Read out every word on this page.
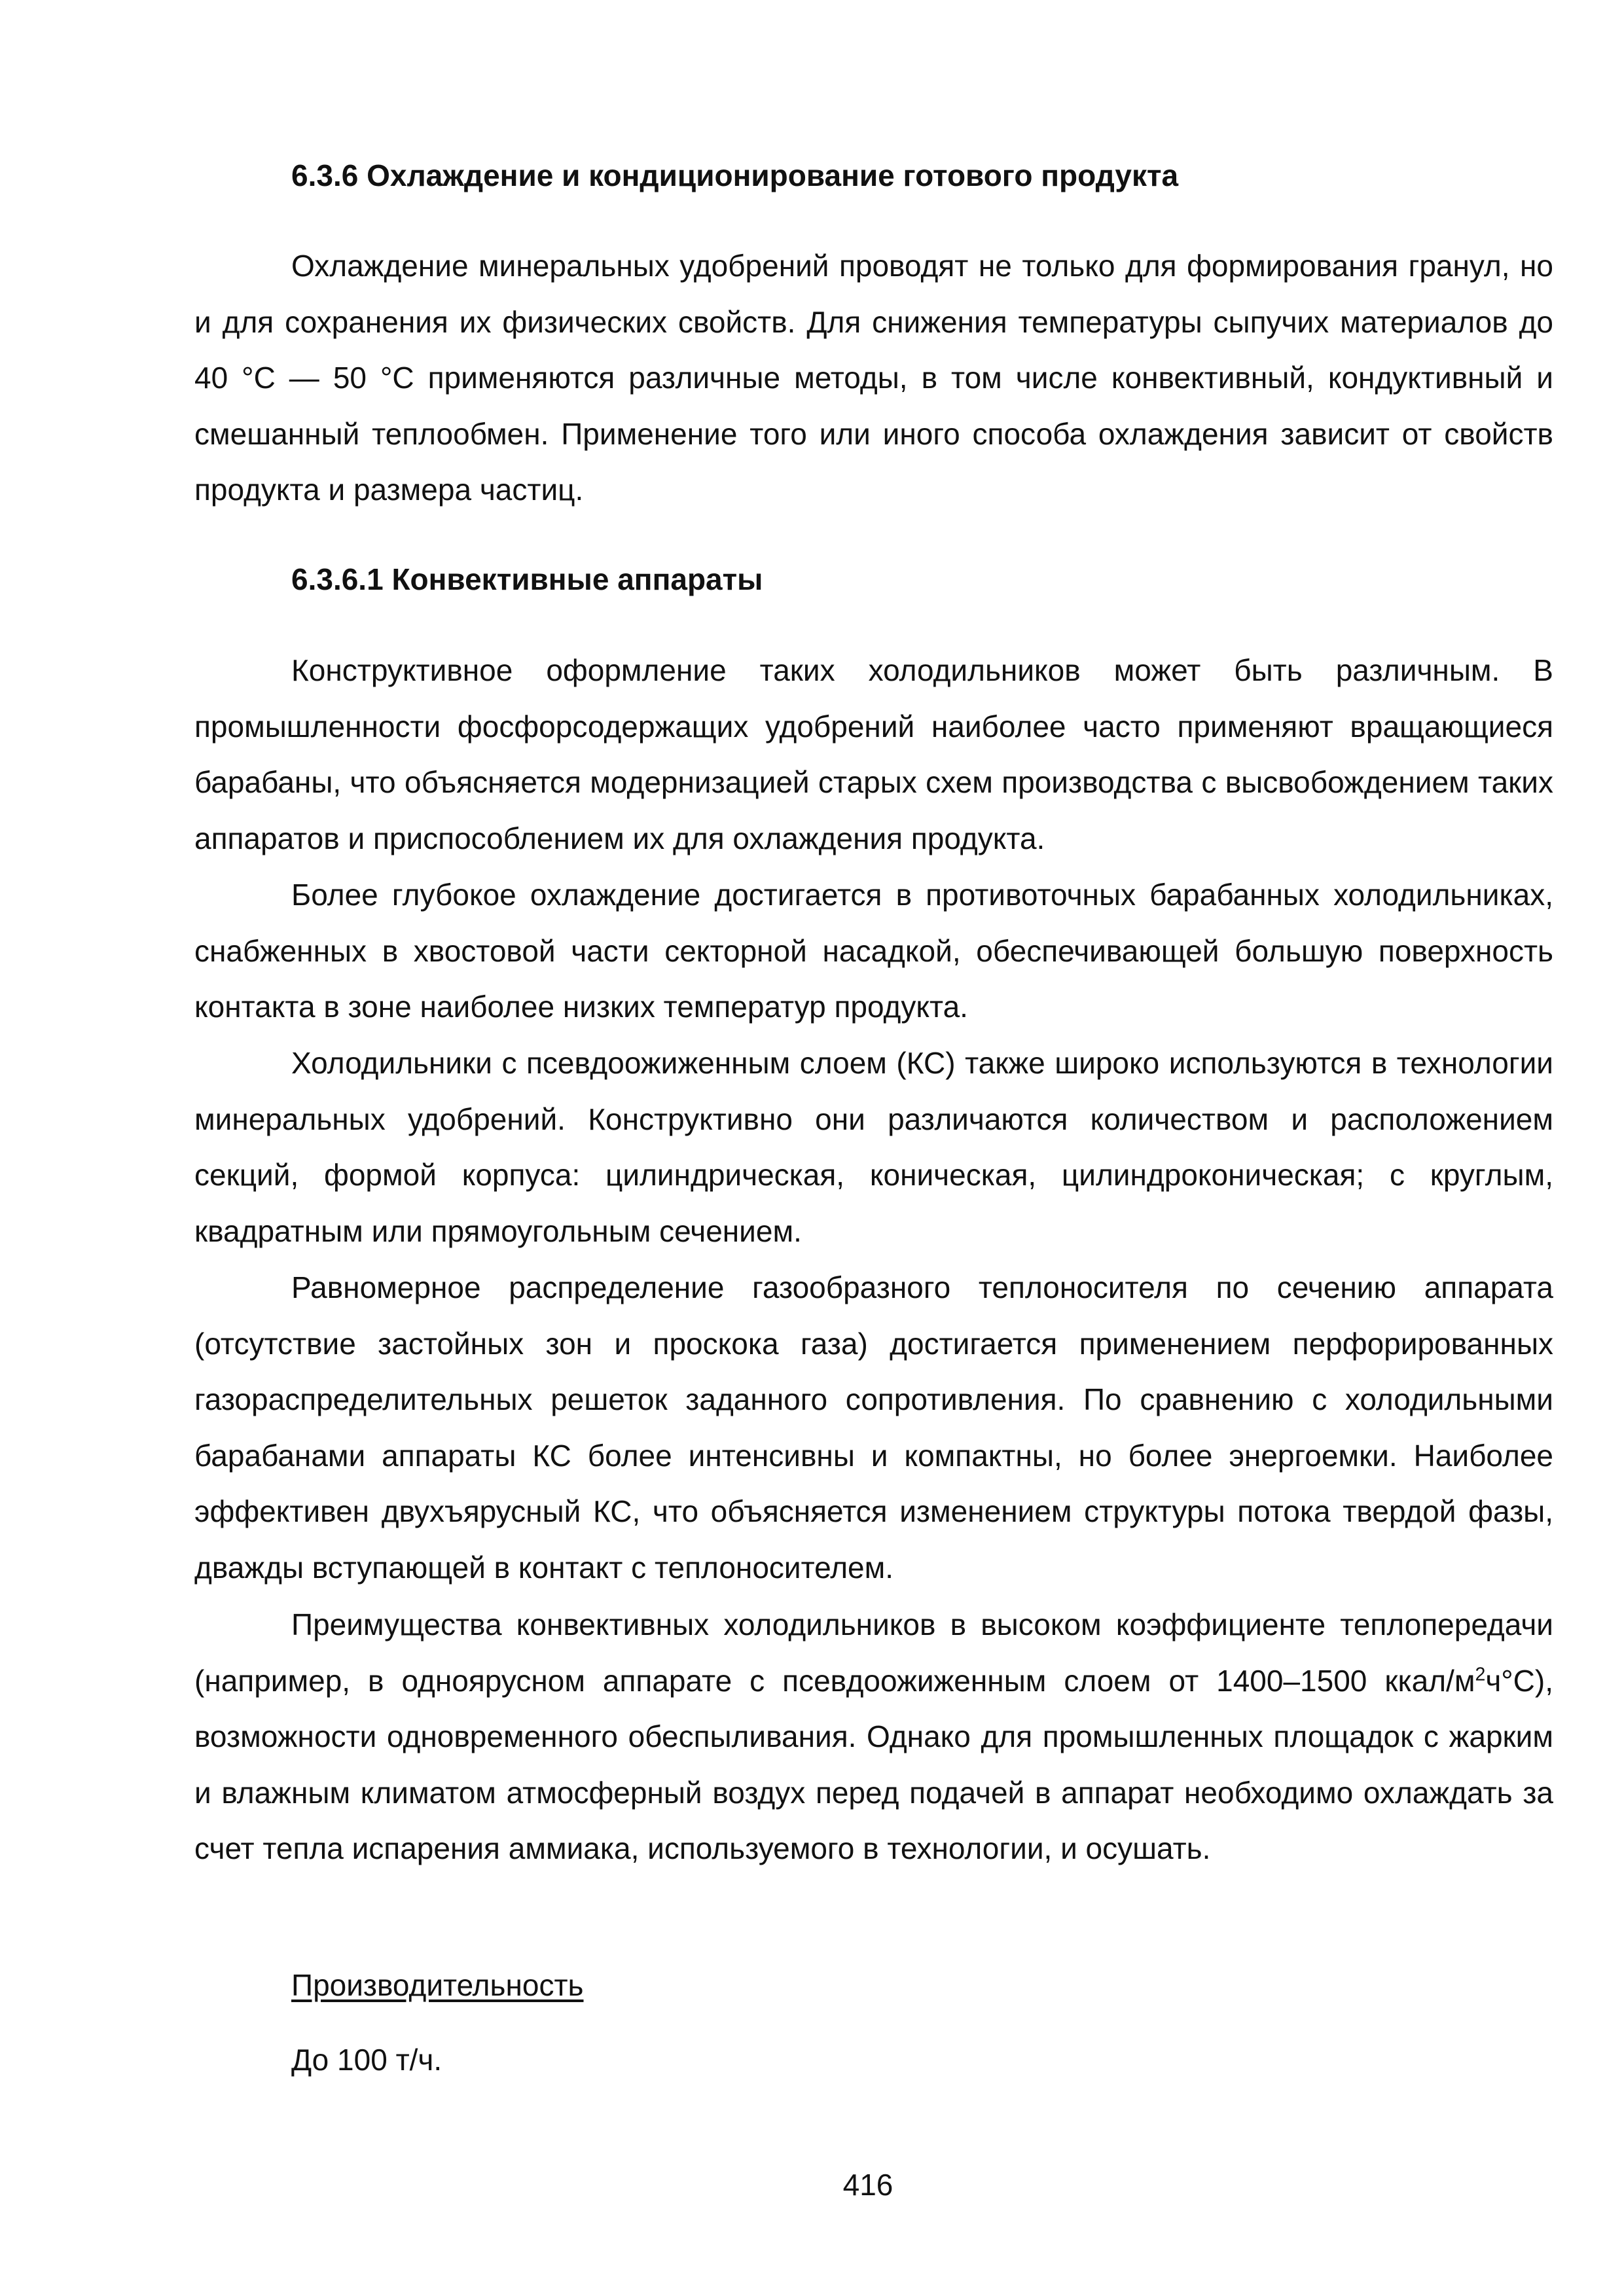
6.3.6 Охлаждение и кондиционирование готового продукта
Охлаждение минеральных удобрений проводят не только для формирования гранул, но и для сохранения их физических свойств. Для снижения температуры сыпучих материалов до 40 °С — 50 °С применяются различные методы, в том числе конвективный, кондуктивный и смешанный теплообмен. Применение того или иного способа охлаждения зависит от свойств продукта и размера частиц.
6.3.6.1 Конвективные аппараты
Конструктивное оформление таких холодильников может быть различным. В промышленности фосфорсодержащих удобрений наиболее часто применяют вращающиеся барабаны, что объясняется модернизацией старых схем производства с высвобождением таких аппаратов и приспособлением их для охлаждения продукта.
Более глубокое охлаждение достигается в противоточных барабанных холодильниках, снабженных в хвостовой части секторной насадкой, обеспечивающей большую поверхность контакта в зоне наиболее низких температур продукта.
Холодильники с псевдоожиженным слоем (КС) также широко используются в технологии минеральных удобрений. Конструктивно они различаются количеством и расположением секций, формой корпуса: цилиндрическая, коническая, цилиндроконическая; с круглым, квадратным или прямоугольным сечением.
Равномерное распределение газообразного теплоносителя по сечению аппарата (отсутствие застойных зон и проскока газа) достигается применением перфорированных газораспределительных решеток заданного сопротивления. По сравнению с холодильными барабанами аппараты КС более интенсивны и компактны, но более энергоемки. Наиболее эффективен двухъярусный КС, что объясняется изменением структуры потока твердой фазы, дважды вступающей в контакт с теплоносителем.
Преимущества конвективных холодильников в высоком коэффициенте теплопередачи (например, в одноярусном аппарате с псевдоожиженным слоем от 1400–1500 ккал/$м^2ч^\circ С$), возможности одновременного обеспыливания. Однако для промышленных площадок с жарким и влажным климатом атмосферный воздух перед подачей в аппарат необходимо охлаждать за счет тепла испарения аммиака, используемого в технологии, и осушать.
Производительность
До 100 т/ч.
416
